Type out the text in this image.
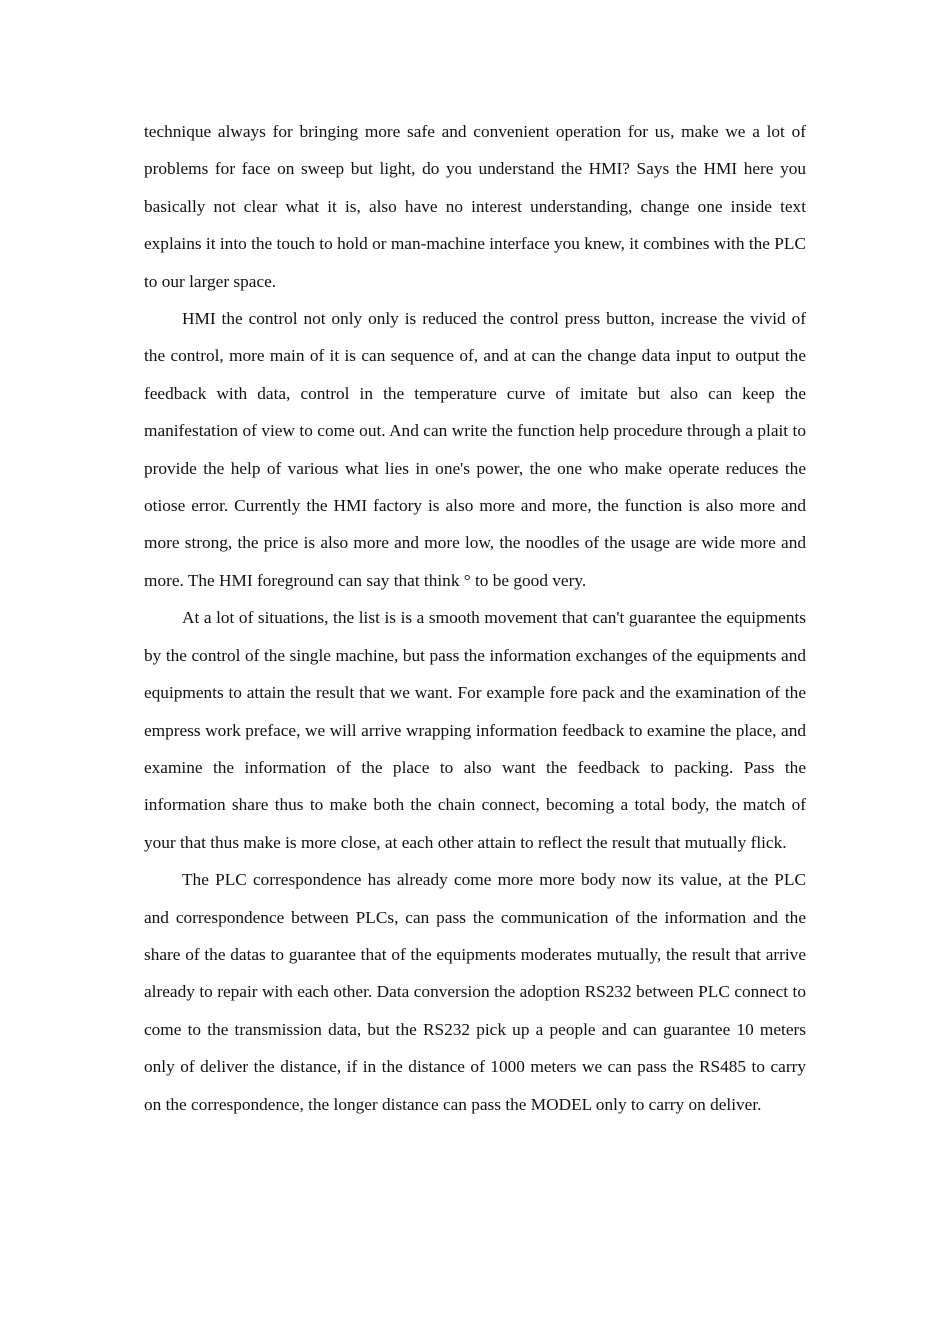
technique always for bringing more safe and convenient operation for us, make we a lot of problems for face on sweep but light, do you understand the HMI? Says the HMI here you basically not clear what it is, also have no interest understanding, change one inside text explains it into the touch to hold or man-machine interface you knew, it combines with the PLC to our larger space.

HMI the control not only only is reduced the control press button, increase the vivid of the control, more main of it is can sequence of, and at can the change data input to output the feedback with data, control in the temperature curve of imitate but also can keep the manifestation of view to come out. And can write the function help procedure through a plait to provide the help of various what lies in one's power, the one who make operate reduces the otiose error. Currently the HMI factory is also more and more, the function is also more and more strong, the price is also more and more low, the noodles of the usage are wide more and more. The HMI foreground can say that think ° to be good very.

At a lot of situations, the list is is a smooth movement that can't guarantee the equipments by the control of the single machine, but pass the information exchanges of the equipments and equipments to attain the result that we want. For example fore pack and the examination of the empress work preface, we will arrive wrapping information feedback to examine the place, and examine the information of the place to also want the feedback to packing. Pass the information share thus to make both the chain connect, becoming a total body, the match of your that thus make is more close, at each other attain to reflect the result that mutually flick.

The PLC correspondence has already come more more body now its value, at the PLC and correspondence between PLCs, can pass the communication of the information and the share of the datas to guarantee that of the equipments moderates mutually, the result that arrive already to repair with each other. Data conversion the adoption RS232 between PLC connect to come to the transmission data, but the RS232 pick up a people and can guarantee 10 meters only of deliver the distance, if in the distance of 1000 meters we can pass the RS485 to carry on the correspondence, the longer distance can pass the MODEL only to carry on deliver.
